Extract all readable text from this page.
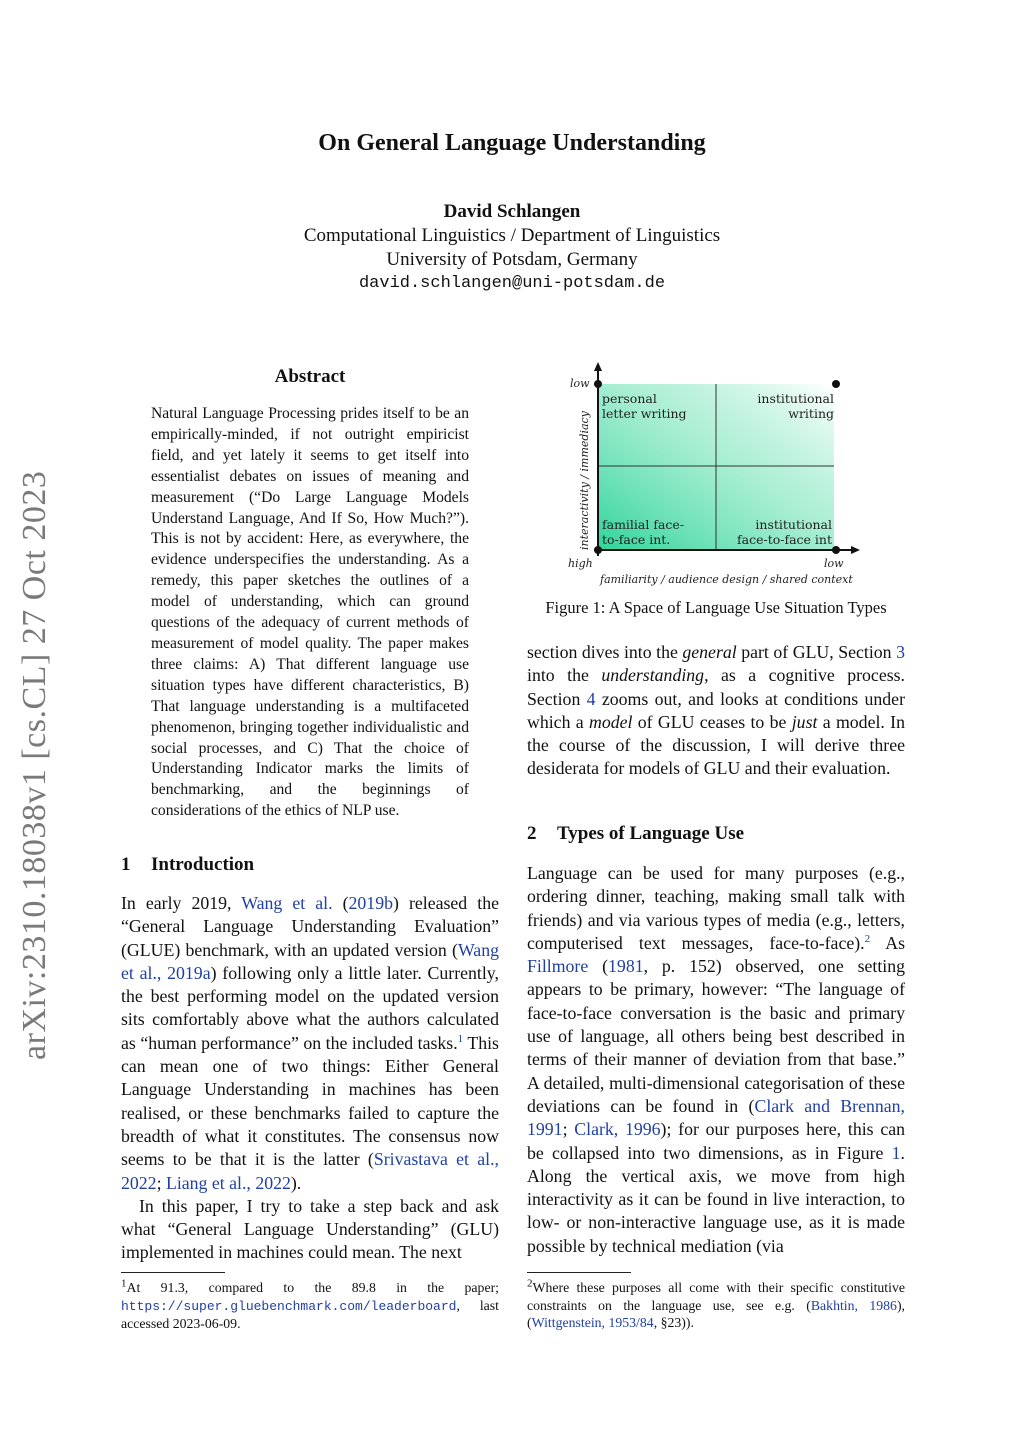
On General Language Understanding
David Schlangen
Computational Linguistics / Department of Linguistics
University of Potsdam, Germany
david.schlangen@uni-potsdam.de
arXiv:2310.18038v1 [cs.CL] 27 Oct 2023
Abstract
Natural Language Processing prides itself to be an empirically-minded, if not outright empiricist field, and yet lately it seems to get itself into essentialist debates on issues of meaning and measurement (“Do Large Language Models Understand Language, And If So, How Much?”). This is not by accident: Here, as everywhere, the evidence underspecifies the understanding. As a remedy, this paper sketches the outlines of a model of understanding, which can ground questions of the adequacy of current methods of measurement of model quality. The paper makes three claims: A) That different language use situation types have different characteristics, B) That language understanding is a multifaceted phenomenon, bringing together individualistic and social processes, and C) That the choice of Understanding Indicator marks the limits of benchmarking, and the beginnings of considerations of the ethics of NLP use.
1 Introduction

In early 2019, Wang et al. (2019b) released the “General Language Understanding Evaluation” (GLUE) benchmark, with an updated version (Wang et al., 2019a) following only a little later. Currently, the best performing model on the updated version sits comfortably above what the authors calculated as “human performance” on the included tasks.$^1$ This can mean one of two things: Either General Language Understanding in machines has been realised, or these benchmarks failed to capture the breadth of what it constitutes. The consensus now seems to be that it is the latter (Srivastava et al., 2022; Liang et al., 2022).

In this paper, I try to take a step back and ask what “General Language Understanding” (GLU) implemented in machines could mean. The next

$^1$At 91.3, compared to the 89.8 in the paper; https://super.gluebenchmark.com/leaderboard, last accessed 2023-06-09.
low
high	low
interactivity / immediacy
familiarity / audience design / shared context
personal
letter writing
institutional
writing
familial face-
to-face int.
institutional
face-to-face int
Figure 1: A Space of Language Use Situation Types

section dives into the general part of GLU, Section 3 into the understanding, as a cognitive process. Section 4 zooms out, and looks at conditions under which a model of GLU ceases to be just a model. In the course of the discussion, I will derive three desiderata for models of GLU and their evaluation.

2 Types of Language Use

Language can be used for many purposes (e.g., ordering dinner, teaching, making small talk with friends) and via various types of media (e.g., letters, computerised text messages, face-to-face).$^2$ As Fillmore (1981, p. 152) observed, one setting appears to be primary, however: “The language of face-to-face conversation is the basic and primary use of language, all others being best described in terms of their manner of deviation from that base.” A detailed, multi-dimensional categorisation of these deviations can be found in (Clark and Brennan, 1991; Clark, 1996); for our purposes here, this can be collapsed into two dimensions, as in Figure 1. Along the vertical axis, we move from high interactivity as it can be found in live interaction, to low- or non-interactive language use, as it is made possible by technical mediation (via

$^2$Where these purposes all come with their specific constitutive constraints on the language use, see e.g. (Bakhtin, 1986), (Wittgenstein, 1953/84, §23)).
